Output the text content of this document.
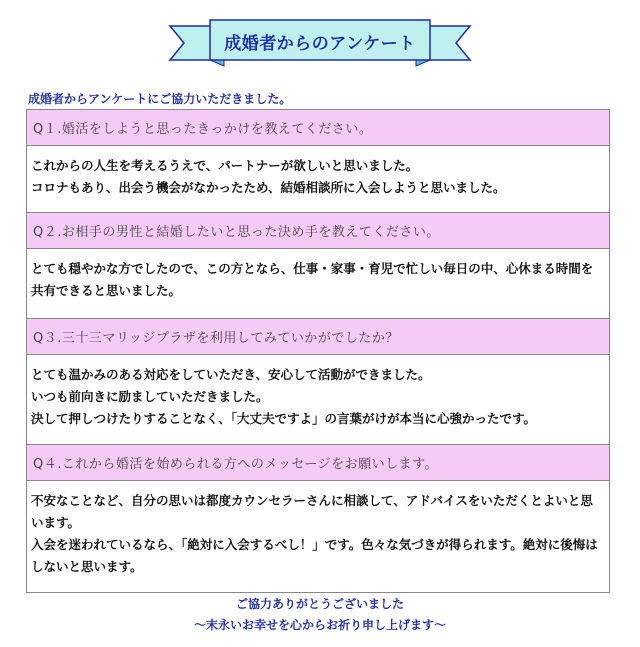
成婚者からのアンケート
成婚者からアンケートにご協力いただきました。
Q１.婚活をしようと思ったきっかけを教えてください。

これからの人生を考えるうえで、パートナーが欲しいと思いました。

コロナもあり、出会う機会がなかったため、結婚相談所に入会しようと思いました。

Q２.お相手の男性と結婚したいと思った決め手を教えてください。

とても穏やかな方でしたので、この方となら、仕事・家事・育児で忙しい毎日の中、心休まる時間を共有できると思いました。

Q３.三十三マリッジプラザを利用してみていかがでしたか？

とても温かみのある対応をしていただき、安心して活動ができました。

いつも前向きに励ましていただきました。

決して押しつけたりすることなく、「大丈夫ですよ」の言葉がけが本当に心強かったです。

Q４.これから婚活を始められる方へのメッセージをお願いします。

不安なことなど、自分の思いは都度カウンセラーさんに相談して、アドバイスをいただくとよいと思います。

入会を迷われているなら、「絶対に入会するべし！」です。色々な気づきが得られます。絶対に後悔はしないと思います。

ご協力ありがとうございました
～末永いお幸せを心からお祈り申し上げます～
